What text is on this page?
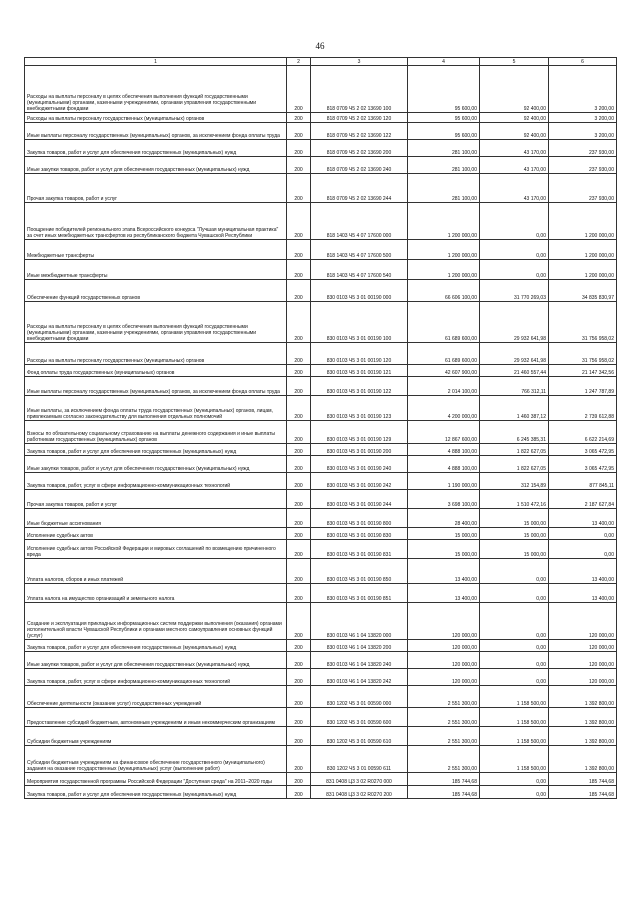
46
1	2	3	4	5	6

Расходы на выплаты персоналу в целях обеспечения выполнения функций государственными (муниципальными) органами, казенными учреждениями, органами управления государственными внебюджетными фондами	200	818 0709 Ч5 2 02 13690 100	95 600,00	92 400,00	3 200,00

Расходы на выплаты персоналу государственных (муниципальных) органов	200	818 0709 Ч5 2 02 13690 120	95 600,00	92 400,00	3 200,00

Иные выплаты персоналу государственных (муниципальных) органов, за исключением фонда оплаты труда	200	818 0709 Ч5 2 02 13690 122	95 600,00	92 400,00	3 200,00

Закупка товаров, работ и услуг для обеспечения государственных (муниципальных) нужд	200	818 0709 Ч5 2 02 13690 200	281 100,00	43 170,00	237 930,00

Иные закупки товаров, работ и услуг для обеспечения государственных (муниципальных) нужд	200	818 0709 Ч5 2 02 13690 240	281 100,00	43 170,00	237 930,00

Прочая закупка товаров, работ и услуг	200	818 0709 Ч5 2 02 13690 244	281 100,00	43 170,00	237 930,00

Поощрение победителей регионального этапа Всероссийского конкурса "Лучшая муниципальная практика" за счет иных межбюджетных трансфертов из республиканского бюджета Чувашской Республики	200	818 1403 Ч5 4 07 17600 000	1 200 000,00	0,00	1 200 000,00

Межбюджетные трансферты	200	818 1403 Ч5 4 07 17600 500	1 200 000,00	0,00	1 200 000,00

Иные межбюджетные трансферты	200	818 1403 Ч5 4 07 17600 540	1 200 000,00	0,00	1 200 000,00

Обеспечение функций государственных органов	200	830 0103 Ч5 3 01 00190 000	66 606 100,00	31 770 269,03	34 835 830,97

Расходы на выплаты персоналу в целях обеспечения выполнения функций государственными (муниципальными) органами, казенными учреждениями, органами управления государственными внебюджетными фондами	200	830 0103 Ч5 3 01 00190 100	61 689 600,00	29 932 641,98	31 756 958,02

Расходы на выплаты персоналу государственных (муниципальных) органов	200	830 0103 Ч5 3 01 00190 120	61 689 600,00	29 932 641,98	31 756 958,02

Фонд оплаты труда государственных (муниципальных) органов	200	830 0103 Ч5 3 01 00190 121	42 607 900,00	21 460 557,44	21 147 342,56

Иные выплаты персоналу государственных (муниципальных) органов, за исключением фонда оплаты труда	200	830 0103 Ч5 3 01 00190 122	2 014 100,00	766 312,11	1 247 787,89

Иные выплаты, за исключением фонда оплаты труда государственных (муниципальных) органов, лицам, привлекаемым согласно законодательству для выполнения отдельных полномочий	200	830 0103 Ч5 3 01 00190 123	4 200 000,00	1 460 387,12	2 739 612,88

Взносы по обязательному социальному страхованию на выплаты денежного содержания и иные выплаты работникам государственных (муниципальных) органов	200	830 0103 Ч5 3 01 00190 129	12 867 600,00	6 245 385,31	6 622 214,69

Закупка товаров, работ и услуг для обеспечения государственных (муниципальных) нужд	200	830 0103 Ч5 3 01 00190 200	4 888 100,00	1 822 627,05	3 065 472,95

Иные закупки товаров, работ и услуг для обеспечения государственных (муниципальных) нужд	200	830 0103 Ч5 3 01 00190 240	4 888 100,00	1 822 627,05	3 065 472,95

Закупка товаров, работ, услуг в сфере информационно-коммуникационных технологий	200	830 0103 Ч5 3 01 00190 242	1 190 000,00	312 154,89	877 845,11

Прочая закупка товаров, работ и услуг	200	830 0103 Ч5 3 01 00190 244	3 698 100,00	1 510 472,16	2 187 627,84

Иные бюджетные ассигнования	200	830 0103 Ч5 3 01 00190 800	28 400,00	15 000,00	13 400,00

Исполнение судебных актов	200	830 0103 Ч5 3 01 00190 830	15 000,00	15 000,00	0,00

Исполнение судебных актов Российской Федерации и мировых соглашений по возмещению причиненного вреда	200	830 0103 Ч5 3 01 00190 831	15 000,00	15 000,00	0,00

Уплата налогов, сборов и иных платежей	200	830 0103 Ч5 3 01 00190 850	13 400,00	0,00	13 400,00

Уплата налога на имущество организаций и земельного налога	200	830 0103 Ч5 3 01 00190 851	13 400,00	0,00	13 400,00

Создание и эксплуатация прикладных информационных систем поддержки выполнения (оказания) органами исполнительной власти Чувашской Республики и органами местного самоуправления основных функций (услуг)	200	830 0103 Ч6 1 04 13820 000	120 000,00	0,00	120 000,00

Закупка товаров, работ и услуг для обеспечения государственных (муниципальных) нужд	200	830 0103 Ч6 1 04 13820 200	120 000,00	0,00	120 000,00

Иные закупки товаров, работ и услуг для обеспечения государственных (муниципальных) нужд	200	830 0103 Ч6 1 04 13820 240	120 000,00	0,00	120 000,00

Закупка товаров, работ, услуг в сфере информационно-коммуникационных технологий	200	830 0103 Ч6 1 04 13820 242	120 000,00	0,00	120 000,00

Обеспечение деятельности (оказание услуг) государственных учреждений	200	830 1202 Ч5 3 01 00590 000	2 551 300,00	1 158 500,00	1 392 800,00

Предоставление субсидий бюджетным, автономным учреждениям и иным некоммерческим организациям	200	830 1202 Ч5 3 01 00590 600	2 551 300,00	1 158 500,00	1 392 800,00

Субсидии бюджетным учреждениям	200	830 1202 Ч5 3 01 00590 610	2 551 300,00	1 158 500,00	1 392 800,00

Субсидии бюджетным учреждениям на финансовое обеспечение государственного (муниципального) задания на оказание государственных (муниципальных) услуг (выполнение работ)	200	830 1202 Ч5 3 01 00590 611	2 551 300,00	1 158 500,00	1 392 800,00

Мероприятия государственной программы Российской Федерации "Доступная среда" на 2011–2020 годы	200	831 0408 Ц3 3 02 R0270 000	185 744,68	0,00	185 744,68

Закупка товаров, работ и услуг для обеспечения государственных (муниципальных) нужд	200	831 0408 Ц3 3 02 R0270 200	185 744,68	0,00	185 744,68
